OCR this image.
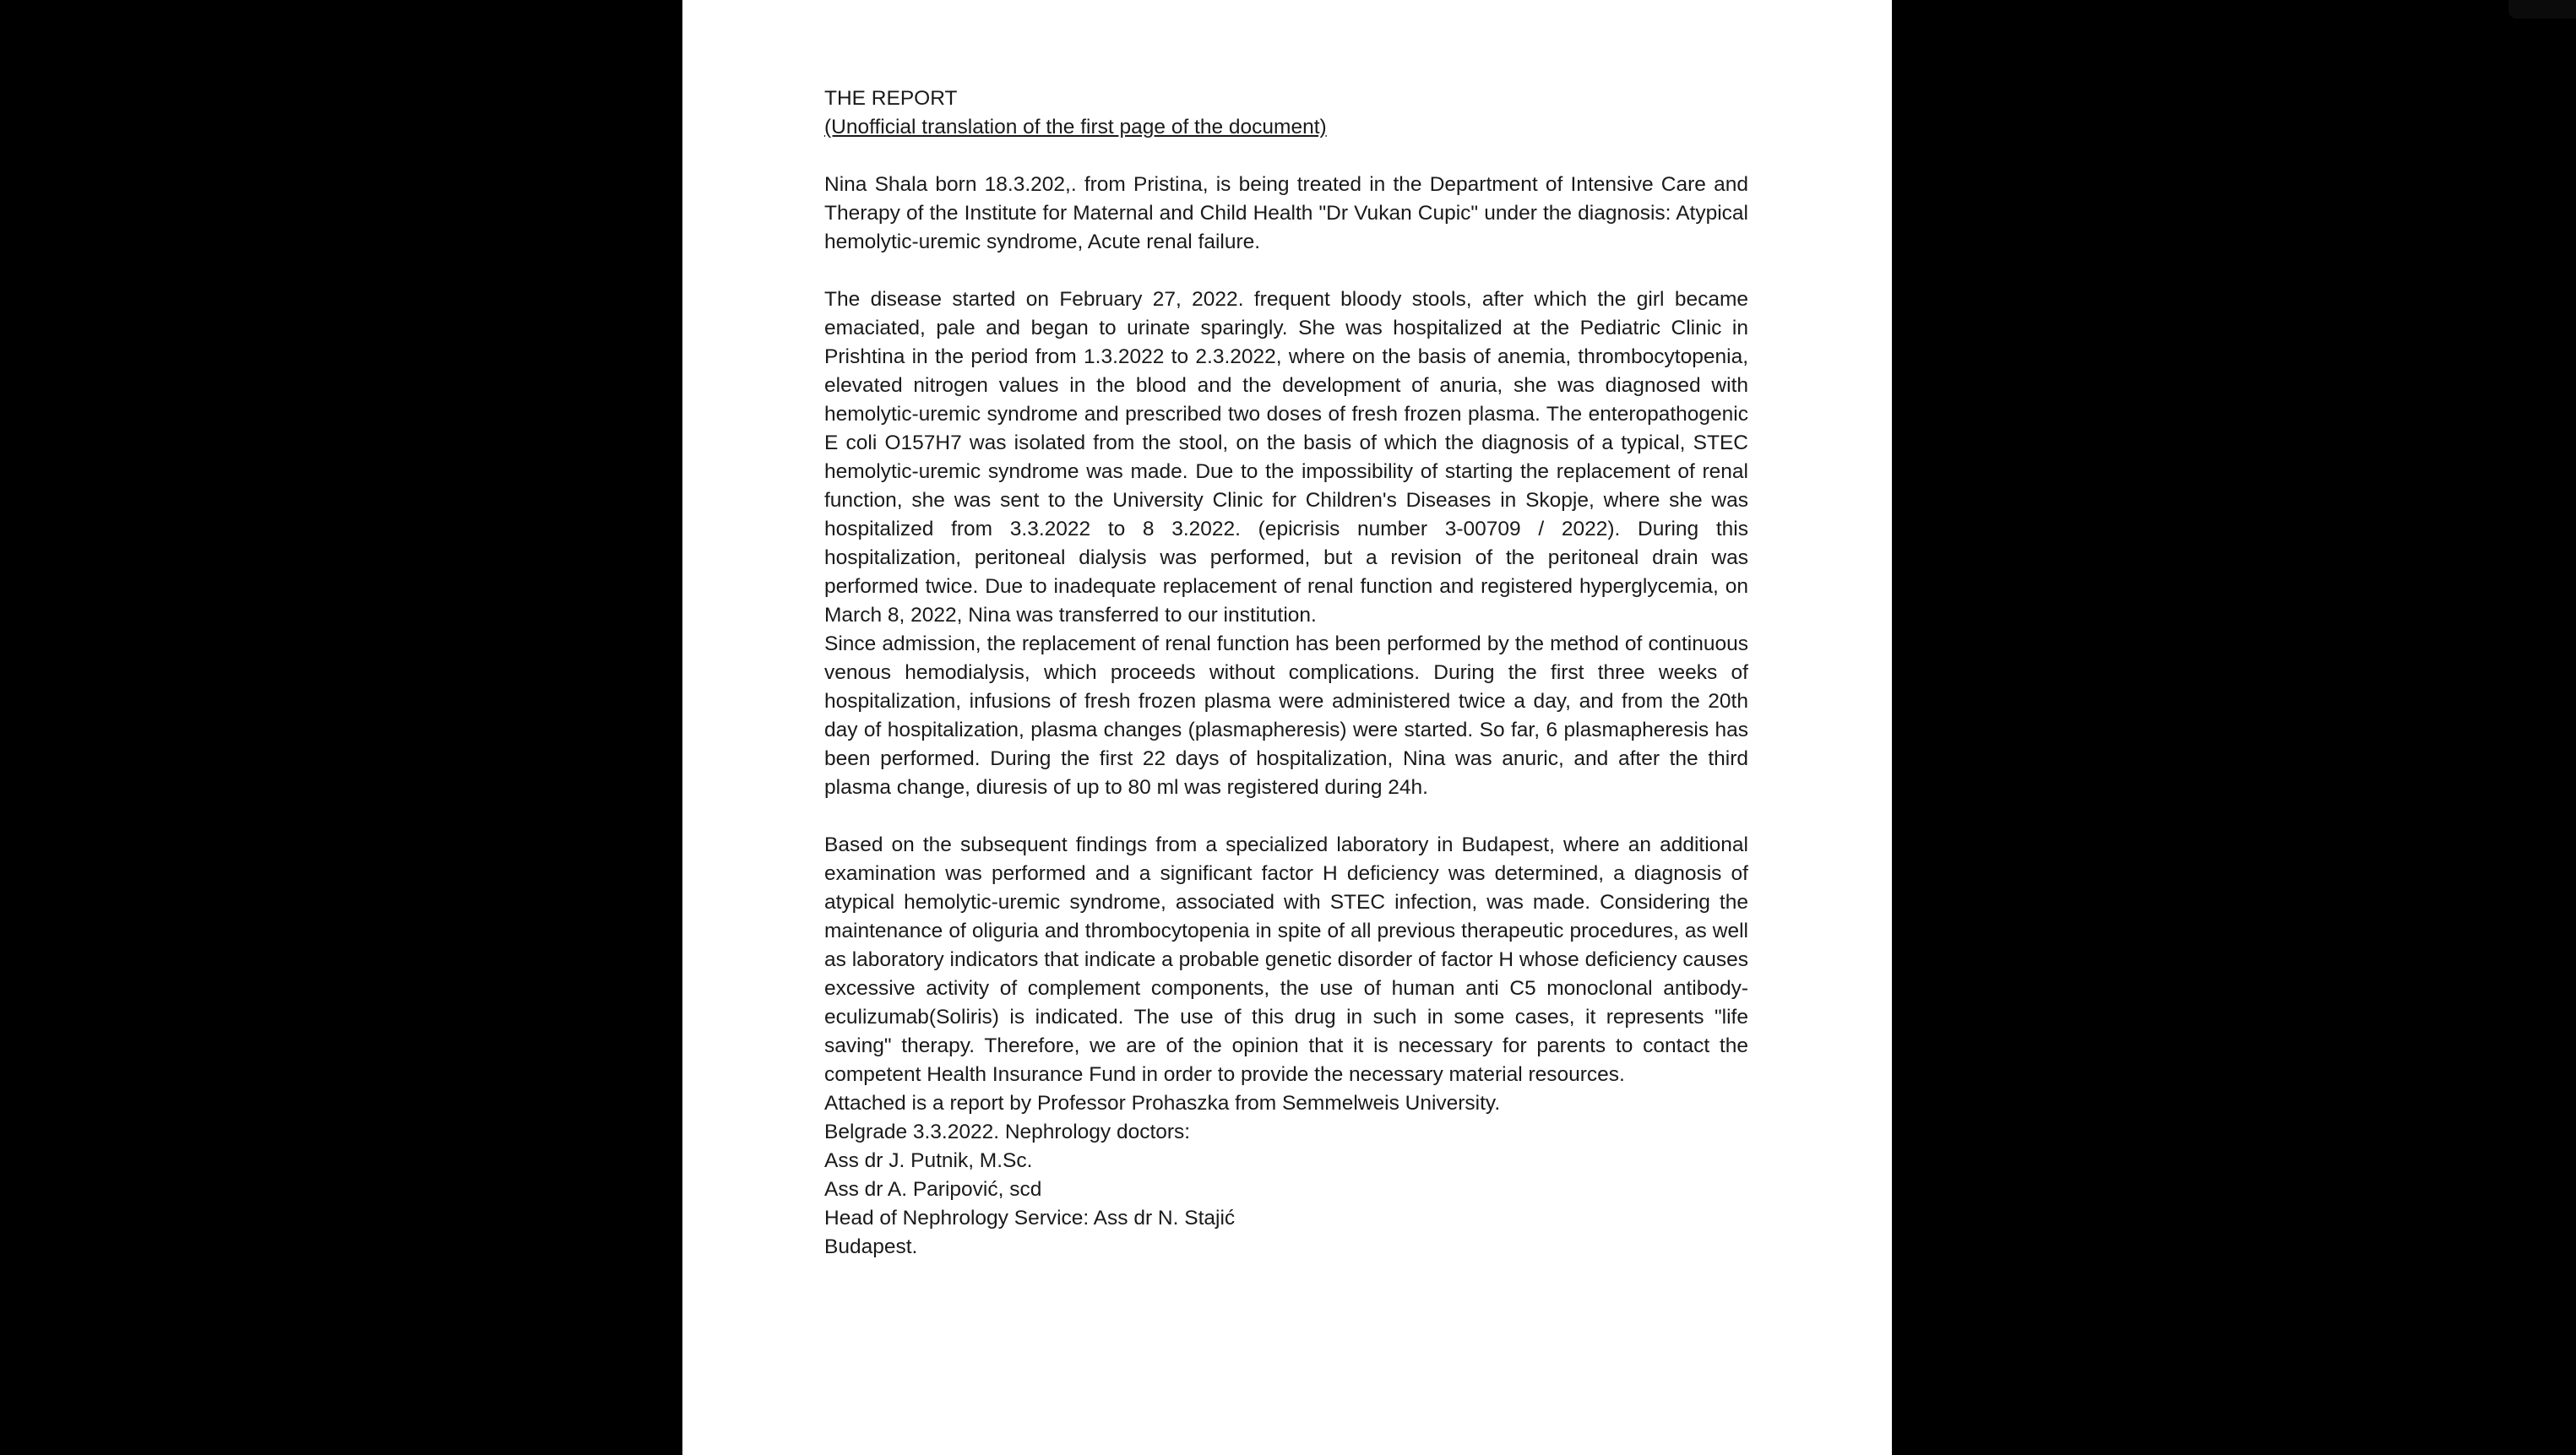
THE REPORT

(Unofficial translation of the first page of the document)

Nina Shala born 18.3.202,. from Pristina, is being treated in the Department of Intensive Care and Therapy of the Institute for Maternal and Child Health "Dr Vukan Cupic" under the diagnosis: Atypical hemolytic-uremic syndrome, Acute renal failure.

The disease started on February 27, 2022. frequent bloody stools, after which the girl became emaciated, pale and began to urinate sparingly. She was hospitalized at the Pediatric Clinic in Prishtina in the period from 1.3.2022 to 2.3.2022, where on the basis of anemia, thrombocytopenia, elevated nitrogen values in the blood and the development of anuria, she was diagnosed with hemolytic-uremic syndrome and prescribed two doses of fresh frozen plasma. The enteropathogenic E coli O157H7 was isolated from the stool, on the basis of which the diagnosis of a typical, STEC hemolytic-uremic syndrome was made. Due to the impossibility of starting the replacement of renal function, she was sent to the University Clinic for Children's Diseases in Skopje, where she was hospitalized from 3.3.2022 to 8 3.2022. (epicrisis number 3-00709 / 2022). During this hospitalization, peritoneal dialysis was performed, but a revision of the peritoneal drain was performed twice. Due to inadequate replacement of renal function and registered hyperglycemia, on March 8, 2022, Nina was transferred to our institution.

Since admission, the replacement of renal function has been performed by the method of continuous venous hemodialysis, which proceeds without complications. During the first three weeks of hospitalization, infusions of fresh frozen plasma were administered twice a day, and from the 20th day of hospitalization, plasma changes (plasmapheresis) were started. So far, 6 plasmapheresis has been performed. During the first 22 days of hospitalization, Nina was anuric, and after the third plasma change, diuresis of up to 80 ml was registered during 24h.

Based on the subsequent findings from a specialized laboratory in Budapest, where an additional examination was performed and a significant factor H deficiency was determined, a diagnosis of atypical hemolytic-uremic syndrome, associated with STEC infection, was made. Considering the maintenance of oliguria and thrombocytopenia in spite of all previous therapeutic procedures, as well as laboratory indicators that indicate a probable genetic disorder of factor H whose deficiency causes excessive activity of complement components, the use of human anti C5 monoclonal antibody-eculizumab(Soliris) is indicated. The use of this drug in such in some cases, it represents "life saving" therapy. Therefore, we are of the opinion that it is necessary for parents to contact the competent Health Insurance Fund in order to provide the necessary material resources.

Attached is a report by Professor Prohaszka from Semmelweis University.

Belgrade 3.3.2022. Nephrology doctors:

Ass dr J. Putnik, M.Sc.

Ass dr A. Paripović, scd

Head of Nephrology Service: Ass dr N. Stajić

Budapest.
